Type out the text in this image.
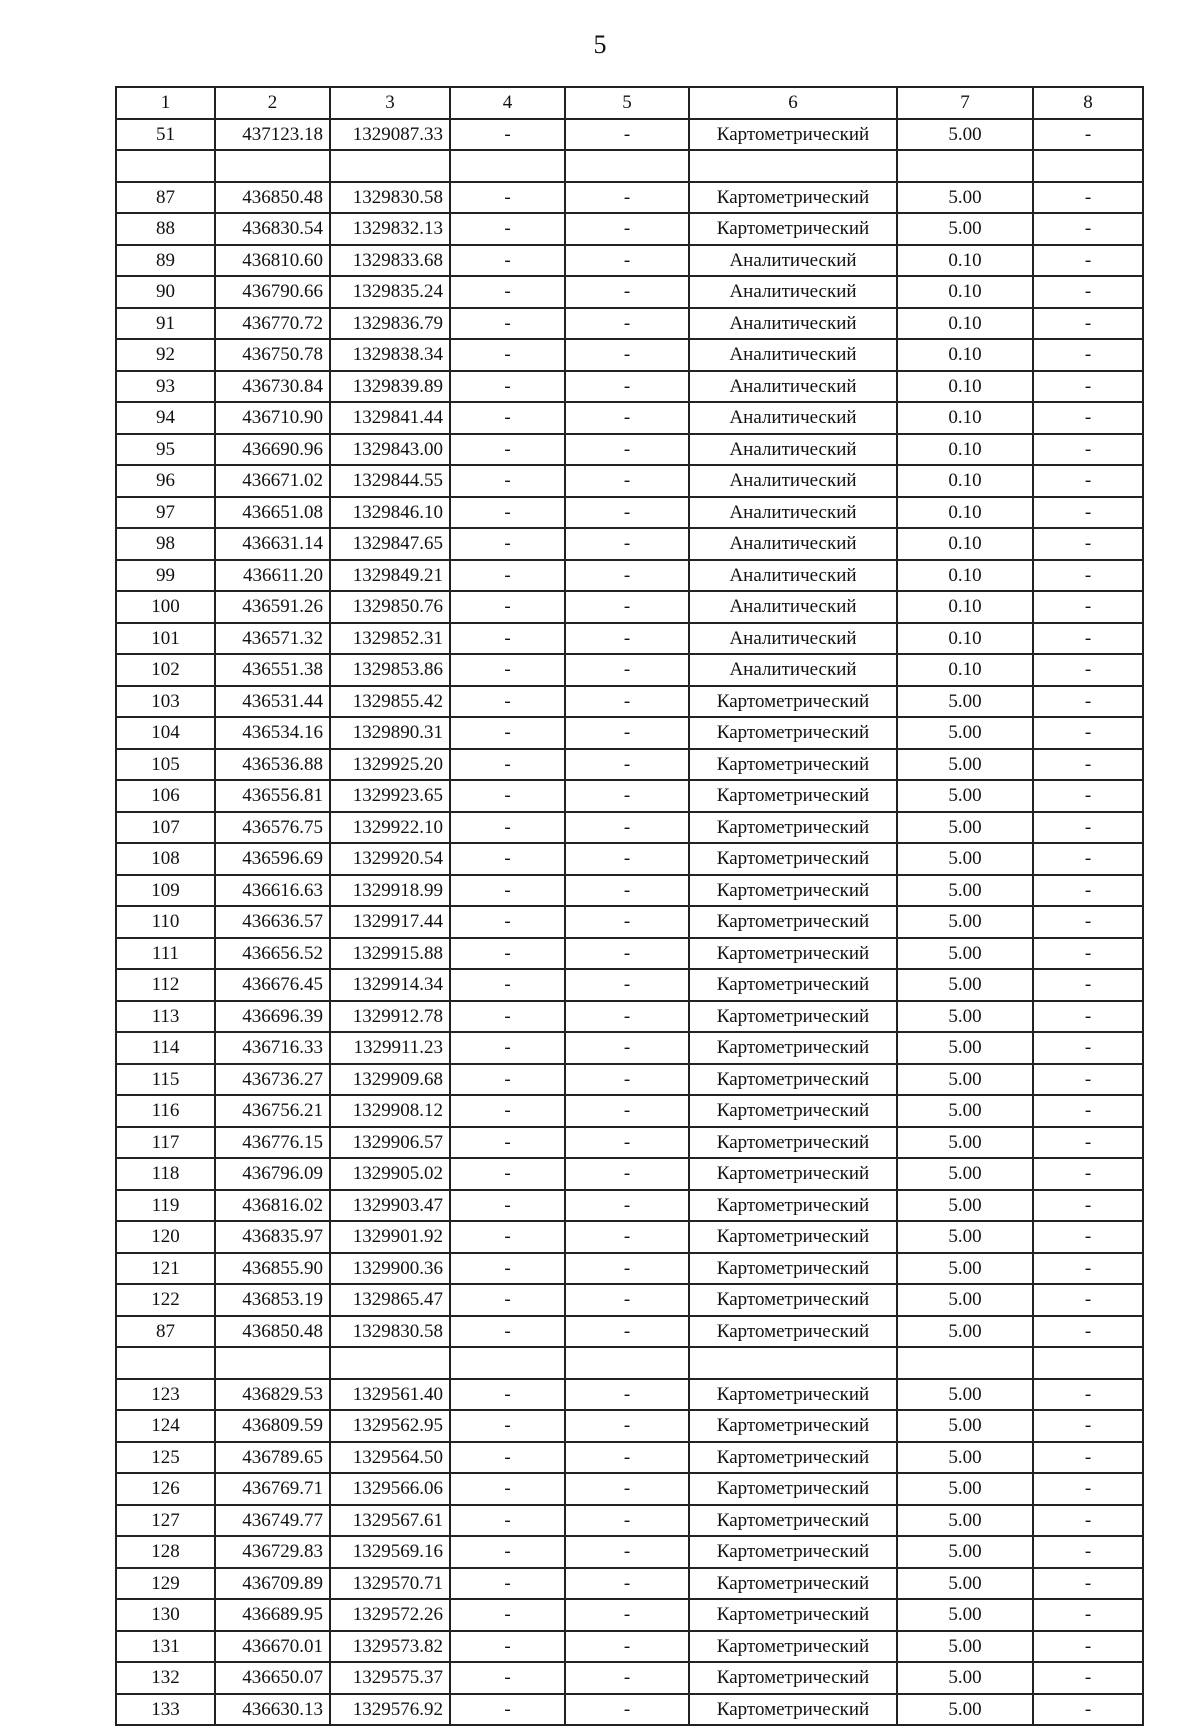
5
1	2	3	4	5	6	7	8
51	437123.18	1329087.33	-	-	Картометрический	5.00	-

87	436850.48	1329830.58	-	-	Картометрический	5.00	-
88	436830.54	1329832.13	-	-	Картометрический	5.00	-
89	436810.60	1329833.68	-	-	Аналитический	0.10	-
90	436790.66	1329835.24	-	-	Аналитический	0.10	-
91	436770.72	1329836.79	-	-	Аналитический	0.10	-
92	436750.78	1329838.34	-	-	Аналитический	0.10	-
93	436730.84	1329839.89	-	-	Аналитический	0.10	-
94	436710.90	1329841.44	-	-	Аналитический	0.10	-
95	436690.96	1329843.00	-	-	Аналитический	0.10	-
96	436671.02	1329844.55	-	-	Аналитический	0.10	-
97	436651.08	1329846.10	-	-	Аналитический	0.10	-
98	436631.14	1329847.65	-	-	Аналитический	0.10	-
99	436611.20	1329849.21	-	-	Аналитический	0.10	-
100	436591.26	1329850.76	-	-	Аналитический	0.10	-
101	436571.32	1329852.31	-	-	Аналитический	0.10	-
102	436551.38	1329853.86	-	-	Аналитический	0.10	-
103	436531.44	1329855.42	-	-	Картометрический	5.00	-
104	436534.16	1329890.31	-	-	Картометрический	5.00	-
105	436536.88	1329925.20	-	-	Картометрический	5.00	-
106	436556.81	1329923.65	-	-	Картометрический	5.00	-
107	436576.75	1329922.10	-	-	Картометрический	5.00	-
108	436596.69	1329920.54	-	-	Картометрический	5.00	-
109	436616.63	1329918.99	-	-	Картометрический	5.00	-
110	436636.57	1329917.44	-	-	Картометрический	5.00	-
111	436656.52	1329915.88	-	-	Картометрический	5.00	-
112	436676.45	1329914.34	-	-	Картометрический	5.00	-
113	436696.39	1329912.78	-	-	Картометрический	5.00	-
114	436716.33	1329911.23	-	-	Картометрический	5.00	-
115	436736.27	1329909.68	-	-	Картометрический	5.00	-
116	436756.21	1329908.12	-	-	Картометрический	5.00	-
117	436776.15	1329906.57	-	-	Картометрический	5.00	-
118	436796.09	1329905.02	-	-	Картометрический	5.00	-
119	436816.02	1329903.47	-	-	Картометрический	5.00	-
120	436835.97	1329901.92	-	-	Картометрический	5.00	-
121	436855.90	1329900.36	-	-	Картометрический	5.00	-
122	436853.19	1329865.47	-	-	Картометрический	5.00	-
87	436850.48	1329830.58	-	-	Картометрический	5.00	-

123	436829.53	1329561.40	-	-	Картометрический	5.00	-
124	436809.59	1329562.95	-	-	Картометрический	5.00	-
125	436789.65	1329564.50	-	-	Картометрический	5.00	-
126	436769.71	1329566.06	-	-	Картометрический	5.00	-
127	436749.77	1329567.61	-	-	Картометрический	5.00	-
128	436729.83	1329569.16	-	-	Картометрический	5.00	-
129	436709.89	1329570.71	-	-	Картометрический	5.00	-
130	436689.95	1329572.26	-	-	Картометрический	5.00	-
131	436670.01	1329573.82	-	-	Картометрический	5.00	-
132	436650.07	1329575.37	-	-	Картометрический	5.00	-
133	436630.13	1329576.92	-	-	Картометрический	5.00	-
